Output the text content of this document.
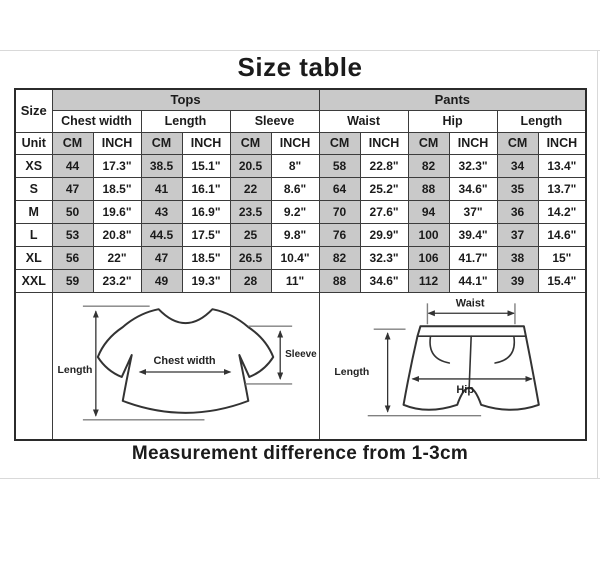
Size table
Size	Tops						Pants					
	Chest width		Length		Sleeve		Waist		Hip		Length	
Unit	CM	INCH	CM	INCH	CM	INCH	CM	INCH	CM	INCH	CM	INCH
XS	44	17.3"	38.5	15.1"	20.5	8"	58	22.8"	82	32.3"	34	13.4"
S	47	18.5"	41	16.1"	22	8.6"	64	25.2"	88	34.6"	35	13.7"
M	50	19.6"	43	16.9"	23.5	9.2"	70	27.6"	94	37"	36	14.2"
L	53	20.8"	44.5	17.5"	25	9.8"	76	29.9"	100	39.4"	37	14.6"
XL	56	22"	47	18.5"	26.5	10.4"	82	32.3"	106	41.7"	38	15"
XXL	59	23.2"	49	19.3"	28	11"	88	34.6"	112	44.1"	39	15.4"

Length
Chest width
Sleeve						Waist
Length
Hip					
Measurement difference from 1-3cm
